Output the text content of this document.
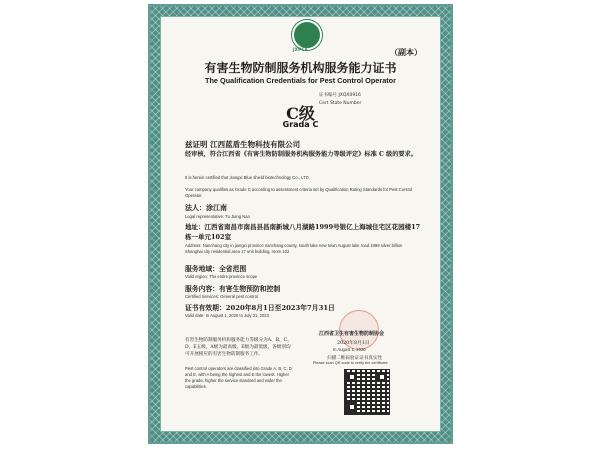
JXPCA	（副本）
有害生物防制服务机构服务能力证书
The Qualification Credentials for Pest Control Operator
证书编号 JXQX0916
Cert State Number
C级
Grada C
兹证明 江西蓝盾生物科技有限公司
经审核，符合江西省《有害生物防制服务机构服务能力等级评定》标准 C 级的要求。
It is herein certified that Jiangxi Blue shield biotechnology Co., LTD.
Your company qualifies as Grade C according to assessment criteria set by Qualification Rating Standards for Pest Control Operator.
法人：涂江南
Legal representative: Tu Jiang Nan
地址：江西省南昌市南昌县昌南新城八月湖路1999号银亿上海城住宅区花园楼17栋一单元102室
Address: Nanchang city in jiangxi province nanchang county, south lake new town August lake road 1999 silver billion Shanghai city residential area 17 unit building, room 102
服务地域：全省范围
Valid region: The entire province scope
服务内容：有害生物预防和控制
Certified Services: General pest control
证书有效期：2020年8月1日至2023年7月31日
Valid date: In August 1, 2020 to July 31, 2023
有害生物防制服务机构服务能力等级分为A、B、C、D、E五级，A级为最高级，E级为最低级，各级别均可开展相应的有害生物防制服务工作。
Pest control operators are classified into Grade A, B, C, D and E, with A being the highest and E the lowest. Higher the grade, higher the service standard and wider the capabilities.
江西省卫生有害生物防制协会
2020年8月1日
In August 1, 2020
扫描二维码验证证书真实性
Please scan QR code to verify the certificate
